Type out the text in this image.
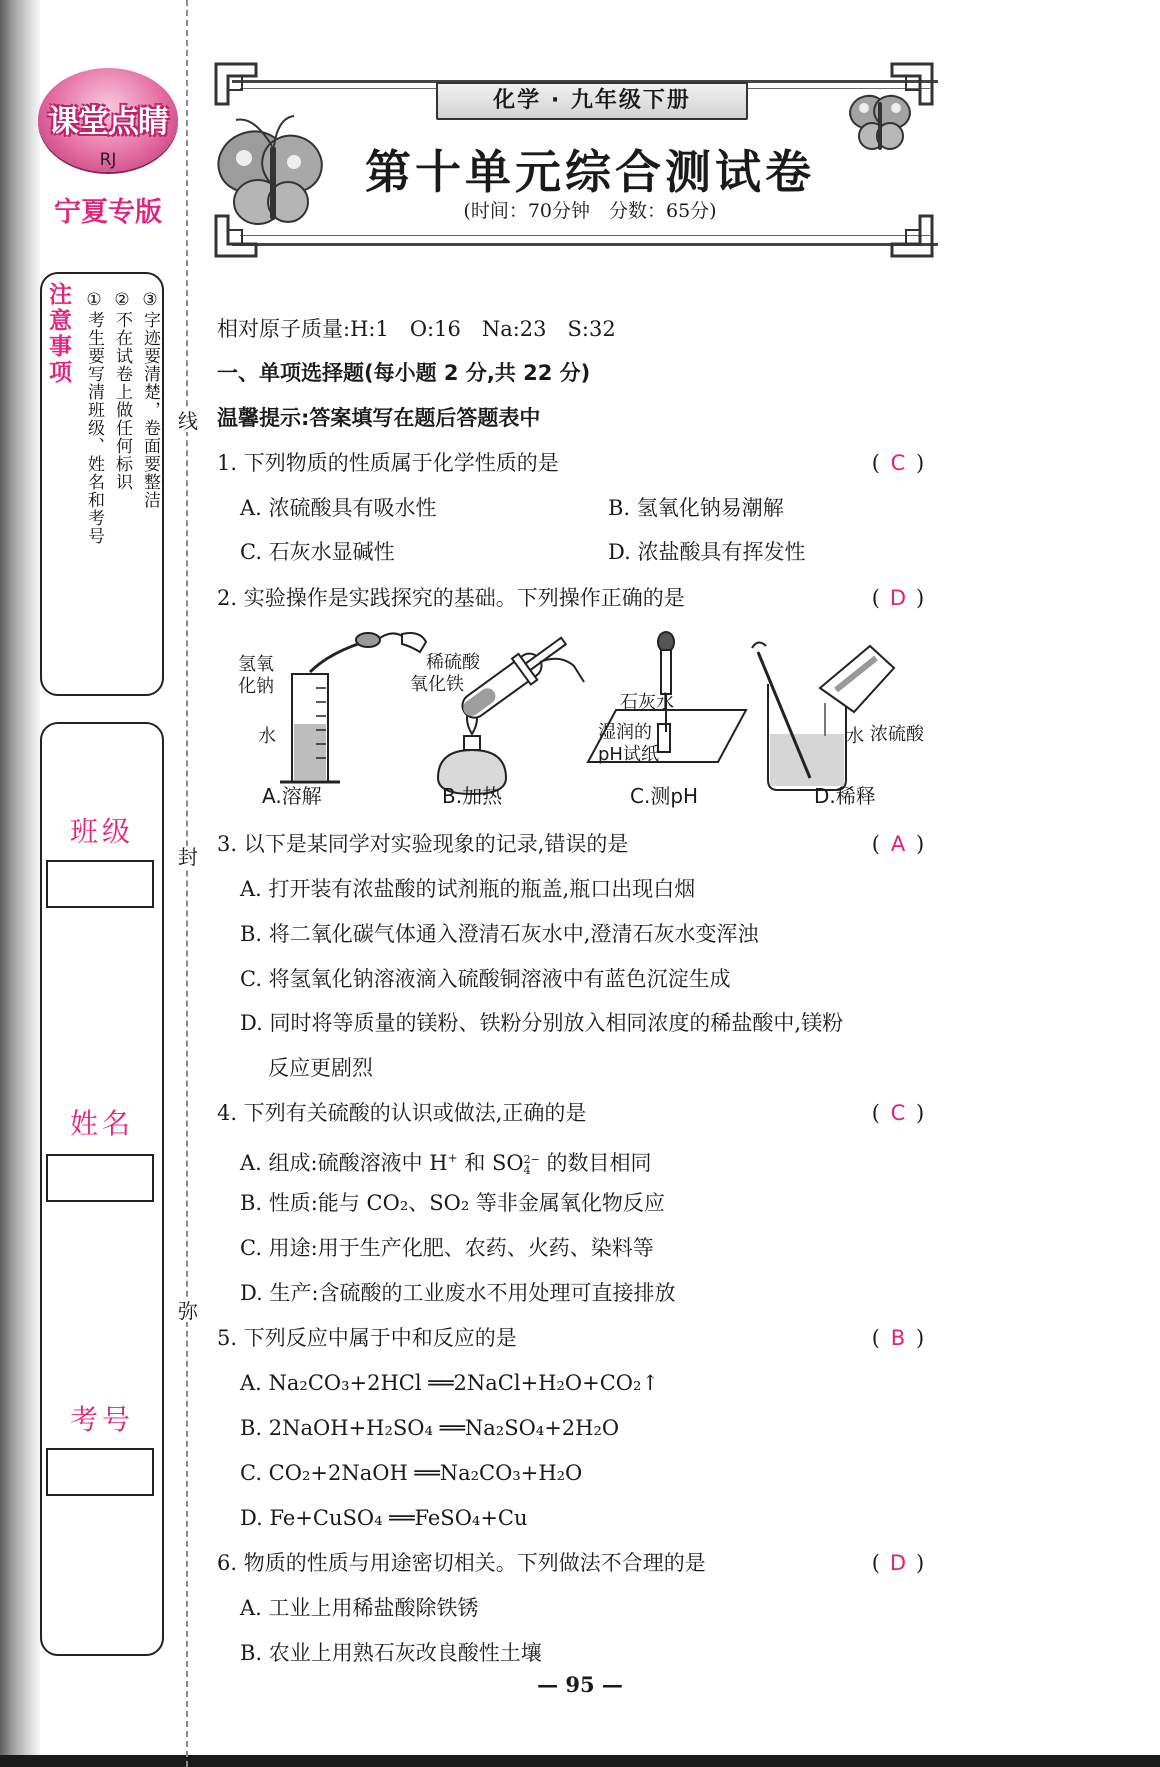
线
封
弥
课堂点睛
RJ
宁夏专版
注意事项	③字迹要清楚，卷面要整洁
②不在试卷上做任何标识
①考生要写清班级、姓名和考号
班级
姓名
考号
化学 · 九年级下册
第十单元综合测试卷
(时间：70分钟　分数：65分)
相对原子质量:H:1　O:16　Na:23　S:32
一、单项选择题(每小题 2 分,共 22 分)
温馨提示:答案填写在题后答题表中
1. 下列物质的性质属于化学性质的是	( C )
A. 浓硫酸具有吸水性	B. 氢氧化钠易潮解
C. 石灰水显碱性	D. 浓盐酸具有挥发性
2. 实验操作是实践探究的基础。下列操作正确的是	( D )
氢氧
化钠
水
稀硫酸
氧化铁
石灰水
湿润的
pH试纸
水 浓硫酸
A.溶解	B.加热	C.测pH	D.稀释
3. 以下是某同学对实验现象的记录,错误的是	( A )
A. 打开装有浓盐酸的试剂瓶的瓶盖,瓶口出现白烟
B. 将二氧化碳气体通入澄清石灰水中,澄清石灰水变浑浊
C. 将氢氧化钠溶液滴入硫酸铜溶液中有蓝色沉淀生成
D. 同时将等质量的镁粉、铁粉分别放入相同浓度的稀盐酸中,镁粉
反应更剧烈
4. 下列有关硫酸的认识或做法,正确的是	( C )
A. 组成:硫酸溶液中 H+ 和 SO 2−
4 的数目相同
B. 性质:能与 CO₂、SO₂ 等非金属氧化物反应
C. 用途:用于生产化肥、农药、火药、染料等
D. 生产:含硫酸的工业废水不用处理可直接排放
5. 下列反应中属于中和反应的是	( B )
A. Na₂CO₃+2HCl ══2NaCl+H₂O+CO₂↑
B. 2NaOH+H₂SO₄ ══Na₂SO₄+2H₂O
C. CO₂+2NaOH ══Na₂CO₃+H₂O
D. Fe+CuSO₄ ══FeSO₄+Cu
6. 物质的性质与用途密切相关。下列做法不合理的是	( D )
A. 工业上用稀盐酸除铁锈
B. 农业上用熟石灰改良酸性土壤
— 95 —
